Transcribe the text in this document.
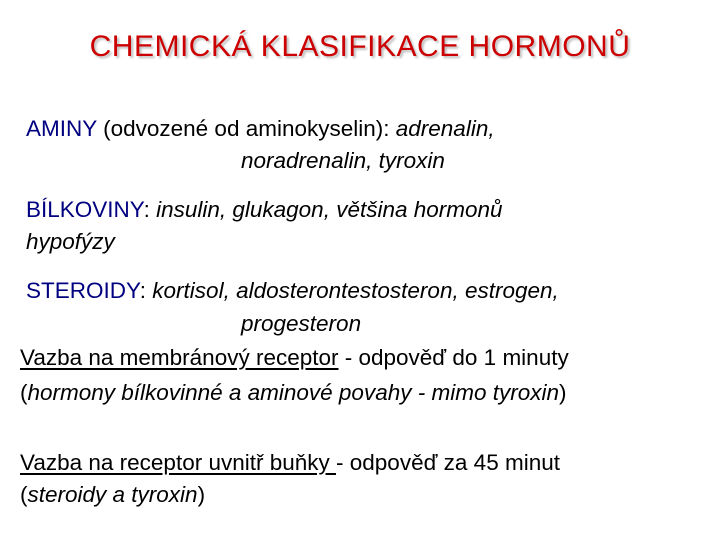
CHEMICKÁ KLASIFIKACE HORMONŮ
AMINY (odvozené od aminokyselin): adrenalin,
noradrenalin, tyroxin
BÍLKOVINY: insulin, glukagon, většina hormonů
hypofýzy
STEROIDY: kortisol, aldosterontestosteron, estrogen,
progesteron
Vazba na membránový receptor - odpověď do 1 minuty
(hormony bílkovinné a aminové povahy - mimo tyroxin)
Vazba na receptor uvnitř buňky - odpověď za 45 minut
(steroidy a tyroxin)
